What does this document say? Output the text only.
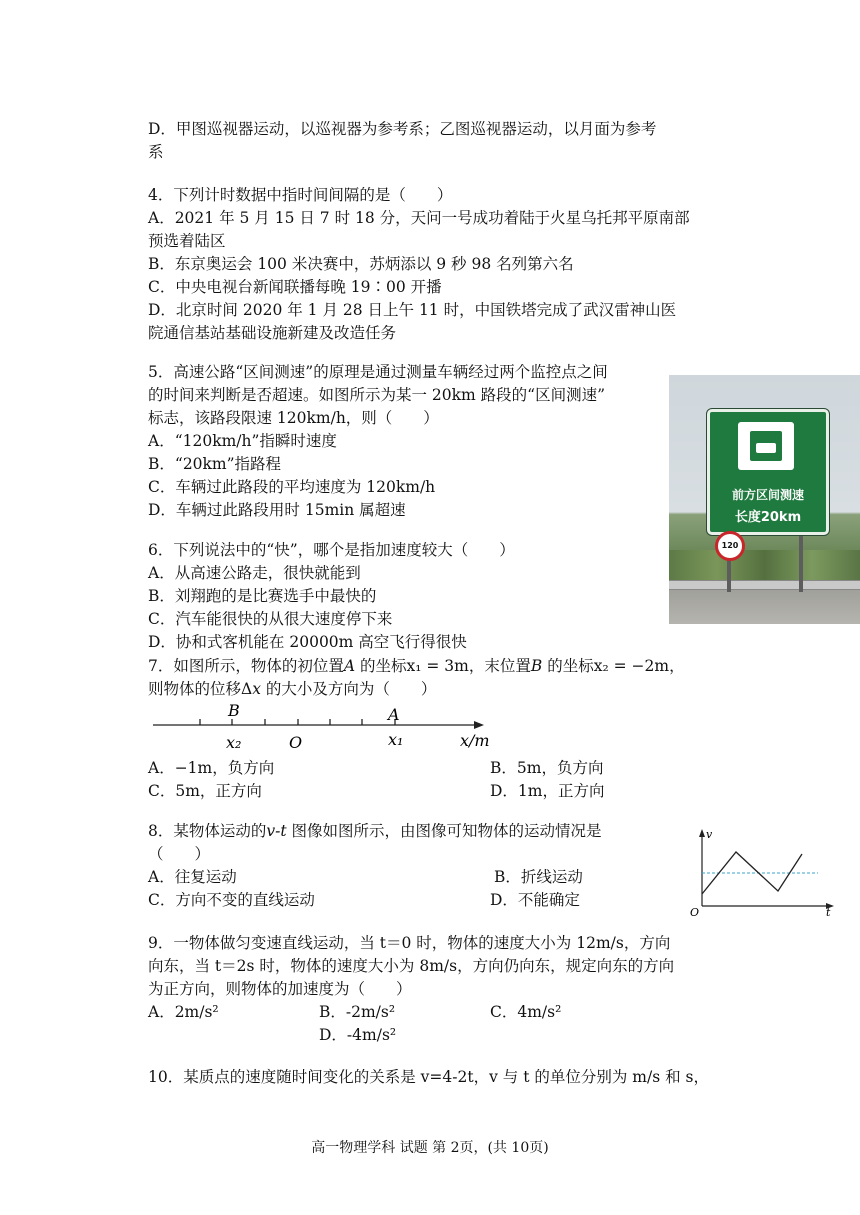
D．甲图巡视器运动，以巡视器为参考系；乙图巡视器运动，以月面为参考
系
4．下列计时数据中指时间间隔的是（　　）
A．2021 年 5 月 15 日 7 时 18 分，天问一号成功着陆于火星乌托邦平原南部
预选着陆区
B．东京奥运会 100 米决赛中，苏炳添以 9 秒 98 名列第六名
C．中央电视台新闻联播每晚 19∶00 开播
D．北京时间 2020 年 1 月 28 日上午 11 时，中国铁塔完成了武汉雷神山医
院通信基站基础设施新建及改造任务
5．高速公路“区间测速”的原理是通过测量车辆经过两个监控点之间
的时间来判断是否超速。如图所示为某一 20km 路段的“区间测速”
标志，该路段限速 120km/h，则（　　）
A．“120km/h”指瞬时速度
B．“20km”指路程
C．车辆过此路段的平均速度为 120km/h
D．车辆过此路段用时 15min 属超速
前方区间测速
长度20km
120
6．下列说法中的“快”，哪个是指加速度较大（　　）
A．从高速公路走，很快就能到
B．刘翔跑的是比赛选手中最快的
C．汽车能很快的从很大速度停下来
D．协和式客机能在 20000m 高空飞行得很快
7．如图所示，物体的初位置A 的坐标x₁ = 3m，末位置B 的坐标x₂ = −2m，
则物体的位移Δx 的大小及方向为（　　）
B	A
x₂	O	x₁	x/m
A．−1m，负方向	B．5m，负方向
C．5m，正方向	D．1m，正方向
8．某物体运动的v-t 图像如图所示，由图像可知物体的运动情况是
（　　）
A．往复运动	B．折线运动
C．方向不变的直线运动	D．不能确定
v
O	t
9．一物体做匀变速直线运动，当 t＝0 时，物体的速度大小为 12m/s，方向
向东，当 t＝2s 时，物体的速度大小为 8m/s，方向仍向东，规定向东的方向
为正方向，则物体的加速度为（　　）
A．2m/s²	B．-2m/s²	C．4m/s²
D．-4m/s²
10．某质点的速度随时间变化的关系是 v=4-2t，v 与 t 的单位分别为 m/s 和 s，
高一物理学科 试题 第 2页，(共 10页)
